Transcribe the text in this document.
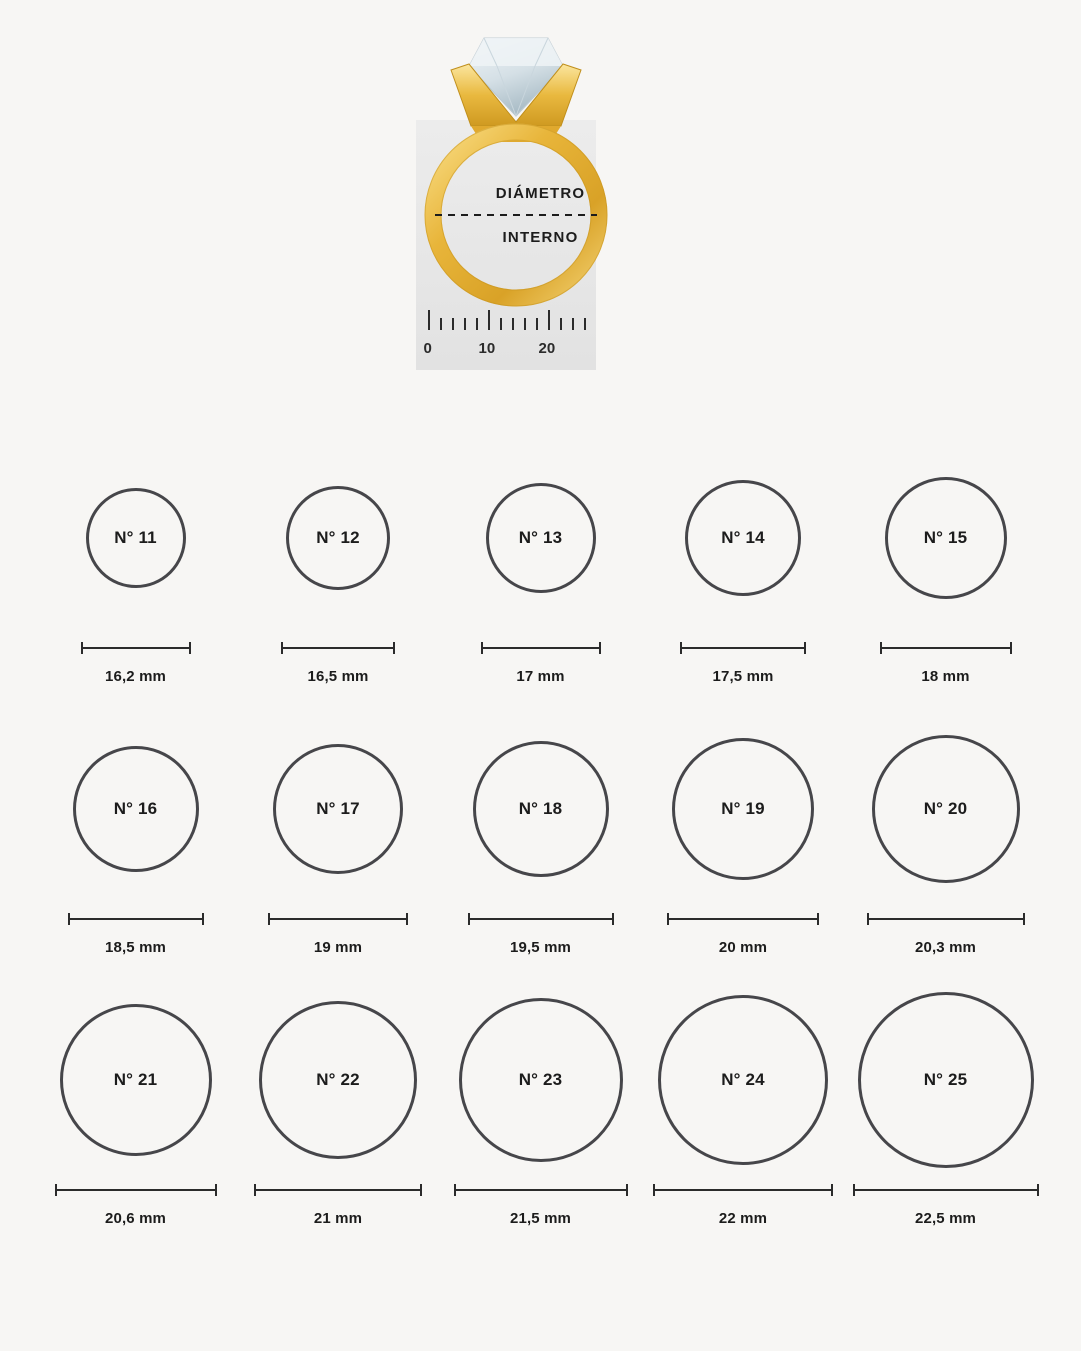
DIÁMETRO
INTERNO
0	10	20
N° 11
16,2 mm
N° 12
16,5 mm
N° 13
17 mm
N° 14
17,5 mm
N° 15
18 mm
N° 16
18,5 mm
N° 17
19 mm
N° 18
19,5 mm
N° 19
20 mm
N° 20
20,3 mm
N° 21
20,6 mm
N° 22
21 mm
N° 23
21,5 mm
N° 24
22 mm
N° 25
22,5 mm
